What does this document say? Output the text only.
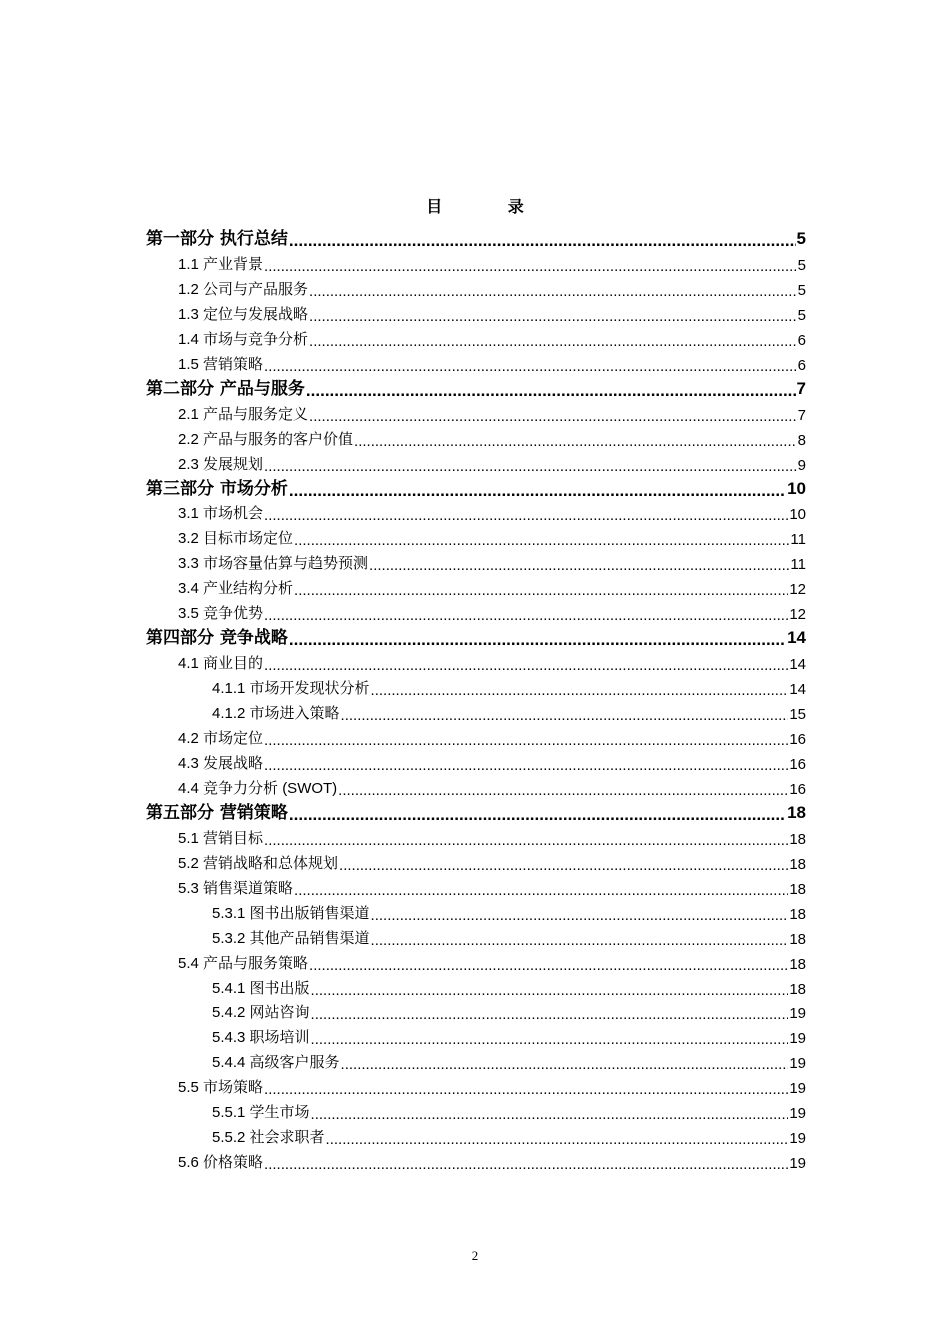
目 录
第一部分 执行总结 .....	5
1.1 产业背景 .....	5
1.2 公司与产品服务 .....	5
1.3 定位与发展战略 .....	5
1.4 市场与竞争分析 .....	6
1.5 营销策略 .....	6
第二部分 产品与服务 .....	7
2.1 产品与服务定义 .....	7
2.2 产品与服务的客户价值 .....	8
2.3 发展规划 .....	9
第三部分 市场分析 .....	10
3.1 市场机会 .....	10
3.2 目标市场定位 .....	11
3.3 市场容量估算与趋势预测 .....	11
3.4 产业结构分析 .....	12
3.5 竞争优势 .....	12
第四部分 竞争战略 .....	14
4.1 商业目的 .....	14
4.1.1 市场开发现状分析 .....	14
4.1.2 市场进入策略 .....	15
4.2 市场定位 .....	16
4.3 发展战略 .....	16
4.4 竞争力分析 (SWOT) .....	16
第五部分 营销策略 .....	18
5.1 营销目标 .....	18
5.2 营销战略和总体规划 .....	18
5.3 销售渠道策略 .....	18
5.3.1 图书出版销售渠道 .....	18
5.3.2 其他产品销售渠道 .....	18
5.4 产品与服务策略 .....	18
5.4.1 图书出版 .....	18
5.4.2 网站咨询 .....	19
5.4.3 职场培训 .....	19
5.4.4 高级客户服务 .....	19
5.5 市场策略 .....	19
5.5.1 学生市场 .....	19
5.5.2 社会求职者 .....	19
5.6 价格策略 .....	19
2
